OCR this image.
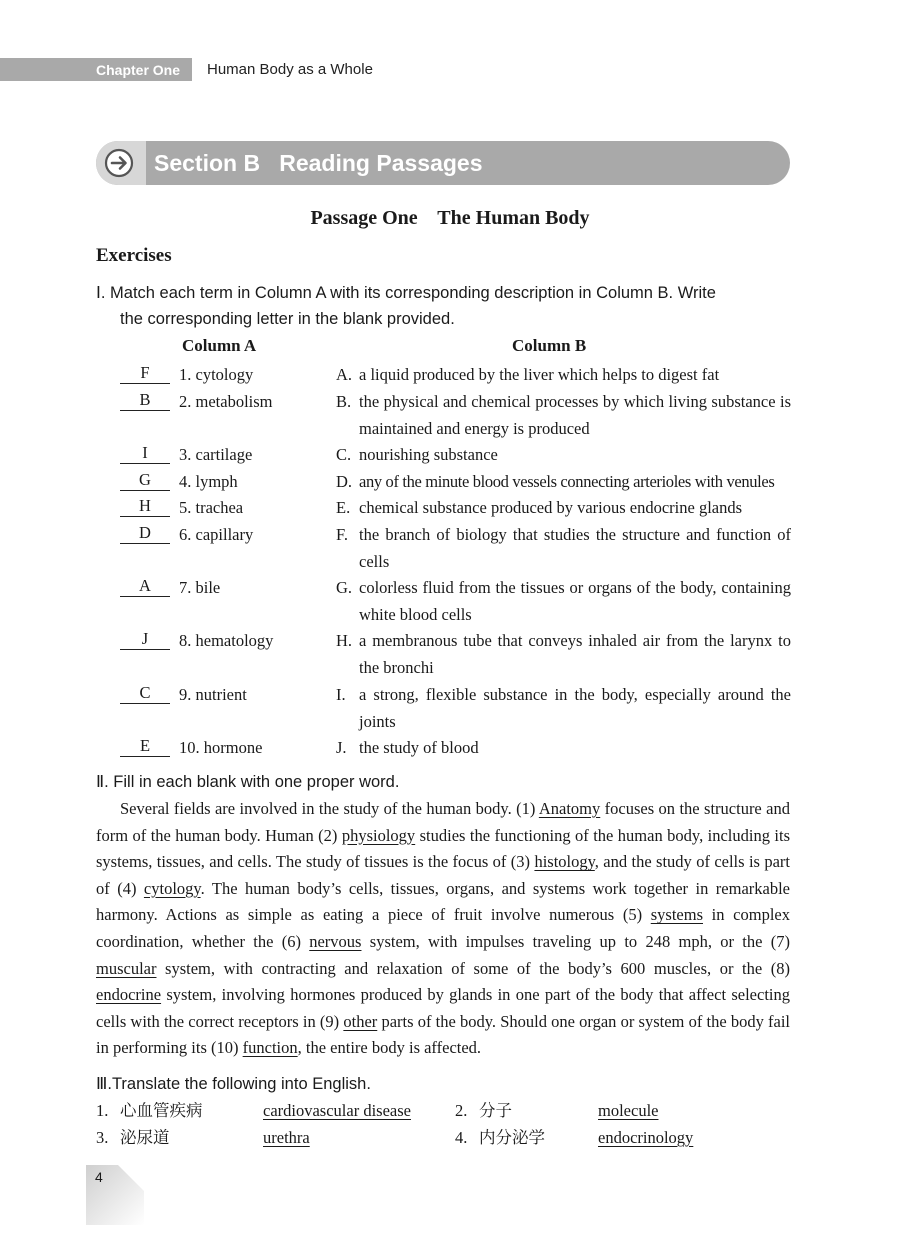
Chapter One Human Body as a Whole
Section B   Reading Passages
Passage One    The Human Body
Exercises
Ⅰ. Match each term in Column A with its corresponding description in Column B. Write
the corresponding letter in the blank provided.
Column A	Column B
F	1. cytology	A. a liquid produced by the liver which helps to digest fat
B	2. metabolism	B. the physical and chemical processes by which living substance is maintained and energy is produced
I	3. cartilage	C. nourishing substance
G	4. lymph	D. any of the minute blood vessels connecting arterioles with venules
H	5. trachea	E. chemical substance produced by various endocrine glands
D	6. capillary	F. the branch of biology that studies the structure and function of cells
A	7. bile	G. colorless fluid from the tissues or organs of the body, containing white blood cells
J	8. hematology	H. a membranous tube that conveys inhaled air from the larynx to the bronchi
C	9. nutrient	I. a strong, flexible substance in the body, especially around the joints
E	10. hormone	J. the study of blood
Ⅱ. Fill in each blank with one proper word.
Several fields are involved in the study of the human body. (1) Anatomy focuses on the structure and form of the human body. Human (2) physiology studies the functioning of the human body, including its systems, tissues, and cells. The study of tissues is the focus of (3) histology, and the study of cells is part of (4) cytology. The human body’s cells, tissues, organs, and systems work together in remarkable harmony. Actions as simple as eating a piece of fruit involve numerous (5) systems in complex coordination, whether the (6) nervous system, with impulses traveling up to 248 mph, or the (7) muscular system, with contracting and relaxation of some of the body’s 600 muscles, or the (8) endocrine system, involving hormones produced by glands in one part of the body that affect selecting cells with the correct receptors in (9) other parts of the body. Should one organ or system of the body fail in performing its (10) function, the entire body is affected.
Ⅲ.Translate the following into English.
1. 心血管疾病	cardiovascular disease	2. 分子	molecule
3. 泌尿道	urethra	4. 内分泌学	endocrinology
4
